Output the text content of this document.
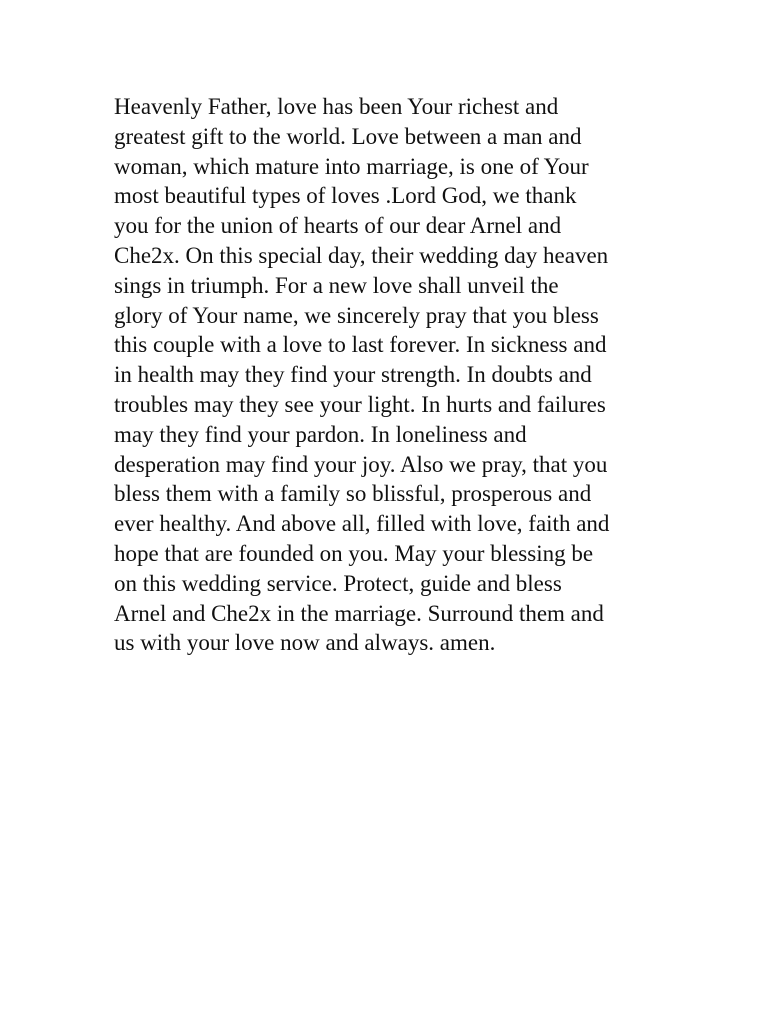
Heavenly Father, love has been Your richest and
greatest gift to the world. Love between a man and
woman, which mature into marriage, is one of Your
most beautiful types of loves .Lord God, we thank
you for the union of hearts of our dear Arnel and
Che2x. On this special day, their wedding day heaven
sings in triumph. For a new love shall unveil the
glory of Your name, we sincerely pray that you bless
this couple with a love to last forever. In sickness and
in health may they find your strength. In doubts and
troubles may they see your light. In hurts and failures
may they find your pardon. In loneliness and
desperation may find your joy. Also we pray, that you
bless them with a family so blissful, prosperous and
ever healthy. And above all, filled with love, faith and
hope that are founded on you. May your blessing be
on this wedding service. Protect, guide and bless
Arnel and Che2x in the marriage. Surround them and
us with your love now and always. amen.
